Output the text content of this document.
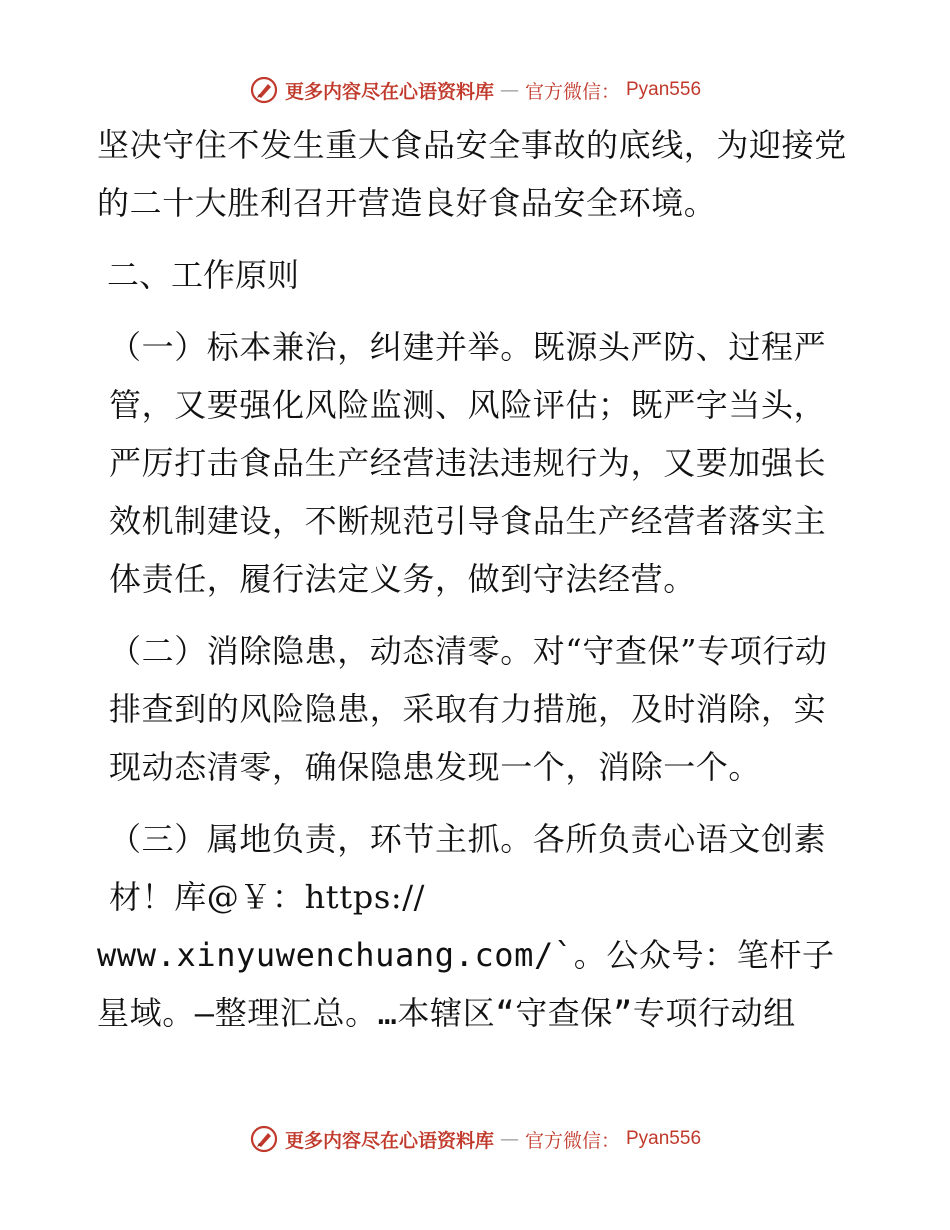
更多内容尽在心语资料库 — 官方微信： Pyan556

坚决守住不发生重大食品安全事故的底线，为迎接党的二十大胜利召开营造良好食品安全环境。

二、工作原则

（一）标本兼治，纠建并举。既源头严防、过程严管，又要强化风险监测、风险评估；既严字当头，严厉打击食品生产经营违法违规行为，又要加强长效机制建设，不断规范引导食品生产经营者落实主体责任，履行法定义务，做到守法经营。

（二）消除隐患，动态清零。对“守查保”专项行动排查到的风险隐患，采取有力措施，及时消除，实现动态清零，确保隐患发现一个，消除一个。

（三）属地负责，环节主抓。各所负责心语文创素材！库@￥：https://

www.xinyuwenchuang.com/`。公众号：笔杆子星域。—整理汇总。…本辖区“守查保”专项行动组

更多内容尽在心语资料库 — 官方微信： Pyan556
